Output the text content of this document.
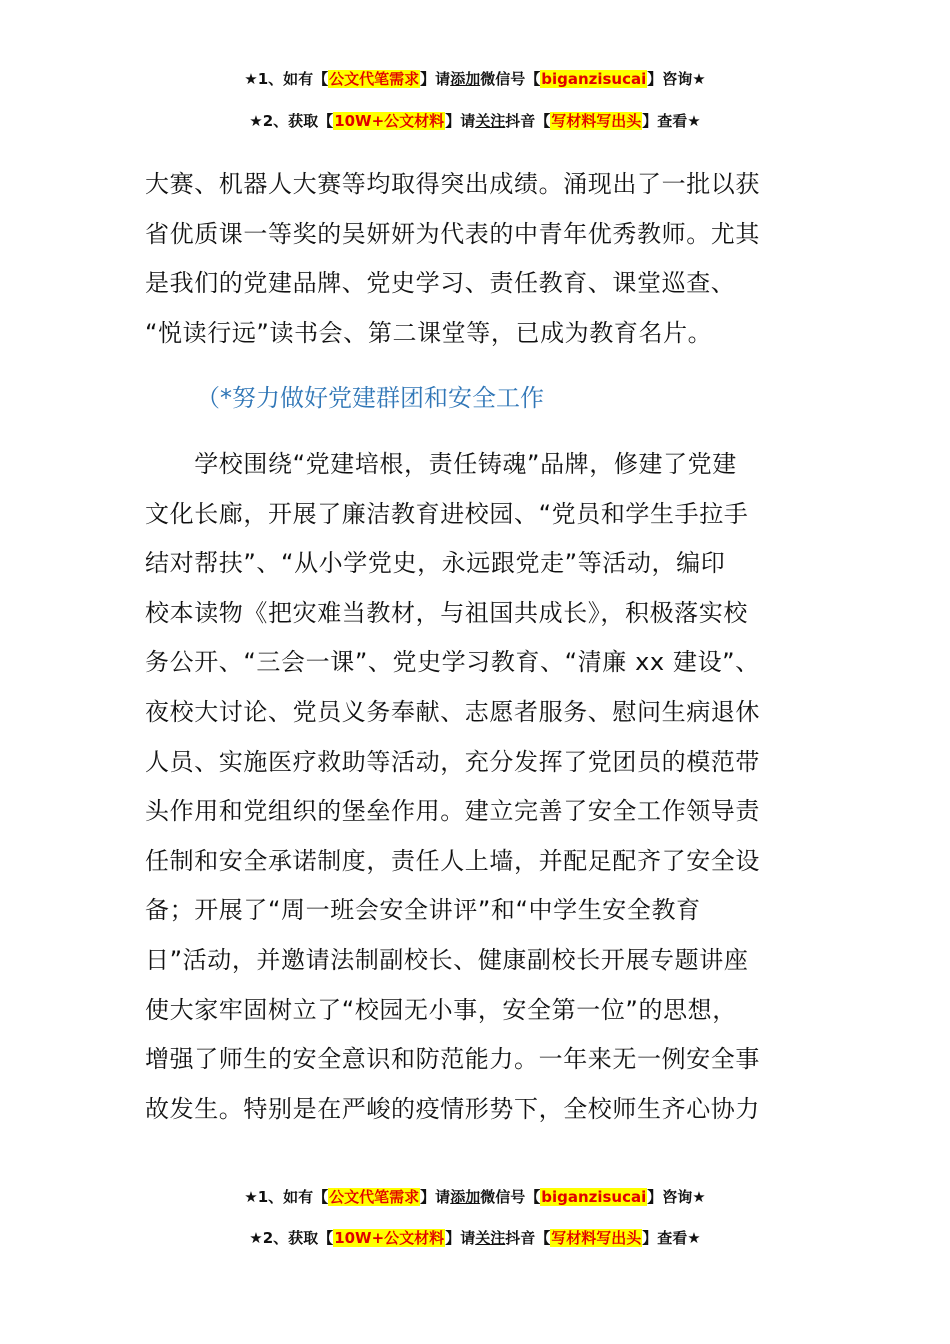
★1、如有【公文代笔需求】请添加微信号【biganzisucai】咨询★
★2、获取【10W+公文材料】请关注抖音【写材料写出头】查看★
大赛、机器人大赛等均取得突出成绩。涌现出了一批以获
省优质课一等奖的吴妍妍为代表的中青年优秀教师。尤其
是我们的党建品牌、党史学习、责任教育、课堂巡查、
“悦读行远”读书会、第二课堂等，已成为教育名片。
（*努力做好党建群团和安全工作
　　学校围绕“党建培根，责任铸魂”品牌，修建了党建
文化长廊，开展了廉洁教育进校园、“党员和学生手拉手
结对帮扶”、“从小学党史，永远跟党走”等活动，编印
校本读物《把灾难当教材，与祖国共成长》，积极落实校
务公开、“三会一课”、党史学习教育、“清廉 xx 建设”、
夜校大讨论、党员义务奉献、志愿者服务、慰问生病退休
人员、实施医疗救助等活动，充分发挥了党团员的模范带
头作用和党组织的堡垒作用。建立完善了安全工作领导责
任制和安全承诺制度，责任人上墙，并配足配齐了安全设
备；开展了“周一班会安全讲评”和“中学生安全教育
日”活动，并邀请法制副校长、健康副校长开展专题讲座
使大家牢固树立了“校园无小事，安全第一位”的思想，
增强了师生的安全意识和防范能力。一年来无一例安全事
故发生。特别是在严峻的疫情形势下，全校师生齐心协力
★1、如有【公文代笔需求】请添加微信号【biganzisucai】咨询★
★2、获取【10W+公文材料】请关注抖音【写材料写出头】查看★
